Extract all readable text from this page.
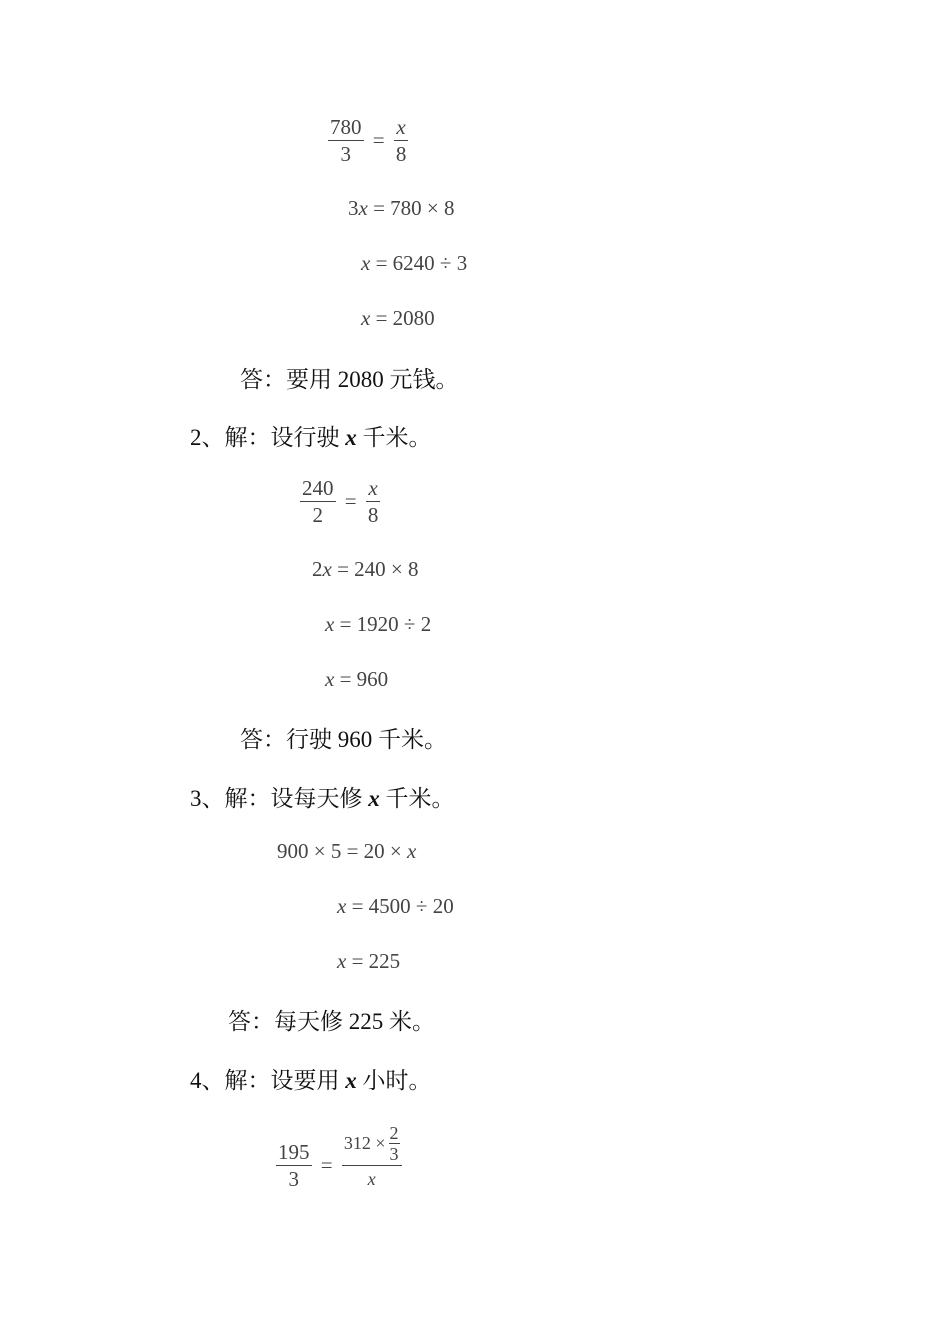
$\frac{780}{3} = \frac{x}{8}$
3x = 780 × 8
x = 6240 ÷ 3
x = 2080
答：要用 2080 元钱。
2、解：设行驶 x 千米。
$\frac{240}{2} = \frac{x}{8}$
2x = 240 × 8
x = 1920 ÷ 2
x = 960
答：行驶 960 千米。
3、解：设每天修 x 千米。
900 × 5 = 20 × x
x = 4500 ÷ 20
x = 225
答：每天修 225 米。
4、解：设要用 x 小时。
$\frac{195}{3} = \frac{312 \times \frac{2}{3}}{x}$
